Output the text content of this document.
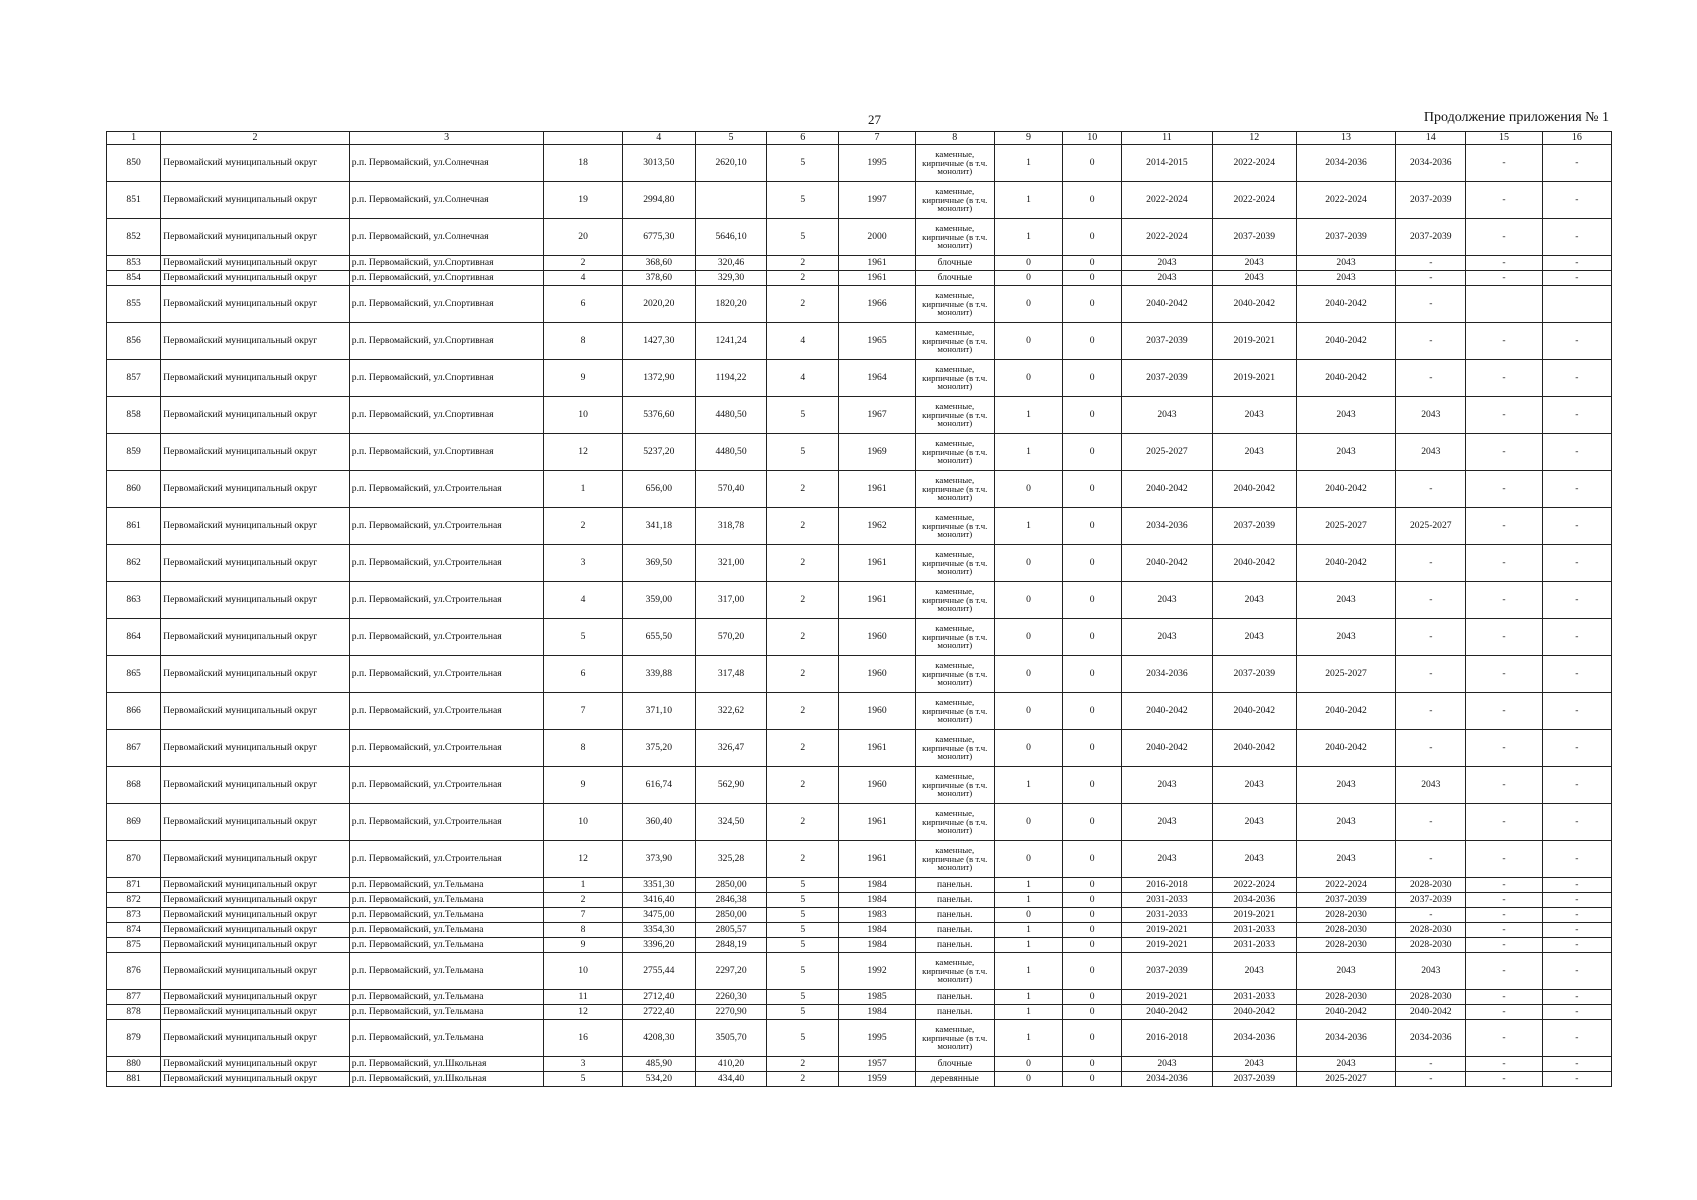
27	Продолжение приложения № 1
1	2	3		4	5	6	7	8	9	10	11	12	13	14	15	16
850	Первомайский муниципальный округ	р.п. Первомайский, ул.Солнечная	18	3013,50	2620,10	5	1995	каменные, кирпичные (в т.ч. монолит)	1	0	2014-2015	2022-2024	2034-2036	2034-2036	-	-
851	Первомайский муниципальный округ	р.п. Первомайский, ул.Солнечная	19	2994,80		5	1997	каменные, кирпичные (в т.ч. монолит)	1	0	2022-2024	2022-2024	2022-2024	2037-2039	-	-
852	Первомайский муниципальный округ	р.п. Первомайский, ул.Солнечная	20	6775,30	5646,10	5	2000	каменные, кирпичные (в т.ч. монолит)	1	0	2022-2024	2037-2039	2037-2039	2037-2039	-	-
853	Первомайский муниципальный округ	р.п. Первомайский, ул.Спортивная	2	368,60	320,46	2	1961	блочные	0	0	2043	2043	2043	-	-	-
854	Первомайский муниципальный округ	р.п. Первомайский, ул.Спортивная	4	378,60	329,30	2	1961	блочные	0	0	2043	2043	2043	-	-	-
855	Первомайский муниципальный округ	р.п. Первомайский, ул.Спортивная	6	2020,20	1820,20	2	1966	каменные, кирпичные (в т.ч. монолит)	0	0	2040-2042	2040-2042	2040-2042	-		
856	Первомайский муниципальный округ	р.п. Первомайский, ул.Спортивная	8	1427,30	1241,24	4	1965	каменные, кирпичные (в т.ч. монолит)	0	0	2037-2039	2019-2021	2040-2042	-	-	-
857	Первомайский муниципальный округ	р.п. Первомайский, ул.Спортивная	9	1372,90	1194,22	4	1964	каменные, кирпичные (в т.ч. монолит)	0	0	2037-2039	2019-2021	2040-2042	-	-	-
858	Первомайский муниципальный округ	р.п. Первомайский, ул.Спортивная	10	5376,60	4480,50	5	1967	каменные, кирпичные (в т.ч. монолит)	1	0	2043	2043	2043	2043	-	-
859	Первомайский муниципальный округ	р.п. Первомайский, ул.Спортивная	12	5237,20	4480,50	5	1969	каменные, кирпичные (в т.ч. монолит)	1	0	2025-2027	2043	2043	2043	-	-
860	Первомайский муниципальный округ	р.п. Первомайский, ул.Строительная	1	656,00	570,40	2	1961	каменные, кирпичные (в т.ч. монолит)	0	0	2040-2042	2040-2042	2040-2042	-	-	-
861	Первомайский муниципальный округ	р.п. Первомайский, ул.Строительная	2	341,18	318,78	2	1962	каменные, кирпичные (в т.ч. монолит)	1	0	2034-2036	2037-2039	2025-2027	2025-2027	-	-
862	Первомайский муниципальный округ	р.п. Первомайский, ул.Строительная	3	369,50	321,00	2	1961	каменные, кирпичные (в т.ч. монолит)	0	0	2040-2042	2040-2042	2040-2042	-	-	-
863	Первомайский муниципальный округ	р.п. Первомайский, ул.Строительная	4	359,00	317,00	2	1961	каменные, кирпичные (в т.ч. монолит)	0	0	2043	2043	2043	-	-	-
864	Первомайский муниципальный округ	р.п. Первомайский, ул.Строительная	5	655,50	570,20	2	1960	каменные, кирпичные (в т.ч. монолит)	0	0	2043	2043	2043	-	-	-
865	Первомайский муниципальный округ	р.п. Первомайский, ул.Строительная	6	339,88	317,48	2	1960	каменные, кирпичные (в т.ч. монолит)	0	0	2034-2036	2037-2039	2025-2027	-	-	-
866	Первомайский муниципальный округ	р.п. Первомайский, ул.Строительная	7	371,10	322,62	2	1960	каменные, кирпичные (в т.ч. монолит)	0	0	2040-2042	2040-2042	2040-2042	-	-	-
867	Первомайский муниципальный округ	р.п. Первомайский, ул.Строительная	8	375,20	326,47	2	1961	каменные, кирпичные (в т.ч. монолит)	0	0	2040-2042	2040-2042	2040-2042	-	-	-
868	Первомайский муниципальный округ	р.п. Первомайский, ул.Строительная	9	616,74	562,90	2	1960	каменные, кирпичные (в т.ч. монолит)	1	0	2043	2043	2043	2043	-	-
869	Первомайский муниципальный округ	р.п. Первомайский, ул.Строительная	10	360,40	324,50	2	1961	каменные, кирпичные (в т.ч. монолит)	0	0	2043	2043	2043	-	-	-
870	Первомайский муниципальный округ	р.п. Первомайский, ул.Строительная	12	373,90	325,28	2	1961	каменные, кирпичные (в т.ч. монолит)	0	0	2043	2043	2043	-	-	-
871	Первомайский муниципальный округ	р.п. Первомайский, ул.Тельмана	1	3351,30	2850,00	5	1984	панельн.	1	0	2016-2018	2022-2024	2022-2024	2028-2030	-	-
872	Первомайский муниципальный округ	р.п. Первомайский, ул.Тельмана	2	3416,40	2846,38	5	1984	панельн.	1	0	2031-2033	2034-2036	2037-2039	2037-2039	-	-
873	Первомайский муниципальный округ	р.п. Первомайский, ул.Тельмана	7	3475,00	2850,00	5	1983	панельн.	0	0	2031-2033	2019-2021	2028-2030	-	-	-
874	Первомайский муниципальный округ	р.п. Первомайский, ул.Тельмана	8	3354,30	2805,57	5	1984	панельн.	1	0	2019-2021	2031-2033	2028-2030	2028-2030	-	-
875	Первомайский муниципальный округ	р.п. Первомайский, ул.Тельмана	9	3396,20	2848,19	5	1984	панельн.	1	0	2019-2021	2031-2033	2028-2030	2028-2030	-	-
876	Первомайский муниципальный округ	р.п. Первомайский, ул.Тельмана	10	2755,44	2297,20	5	1992	каменные, кирпичные (в т.ч. монолит)	1	0	2037-2039	2043	2043	2043	-	-
877	Первомайский муниципальный округ	р.п. Первомайский, ул.Тельмана	11	2712,40	2260,30	5	1985	панельн.	1	0	2019-2021	2031-2033	2028-2030	2028-2030	-	-
878	Первомайский муниципальный округ	р.п. Первомайский, ул.Тельмана	12	2722,40	2270,90	5	1984	панельн.	1	0	2040-2042	2040-2042	2040-2042	2040-2042	-	-
879	Первомайский муниципальный округ	р.п. Первомайский, ул.Тельмана	16	4208,30	3505,70	5	1995	каменные, кирпичные (в т.ч. монолит)	1	0	2016-2018	2034-2036	2034-2036	2034-2036	-	-
880	Первомайский муниципальный округ	р.п. Первомайский, ул.Школьная	3	485,90	410,20	2	1957	блочные	0	0	2043	2043	2043	-	-	-
881	Первомайский муниципальный округ	р.п. Первомайский, ул.Школьная	5	534,20	434,40	2	1959	деревянные	0	0	2034-2036	2037-2039	2025-2027	-	-	-
